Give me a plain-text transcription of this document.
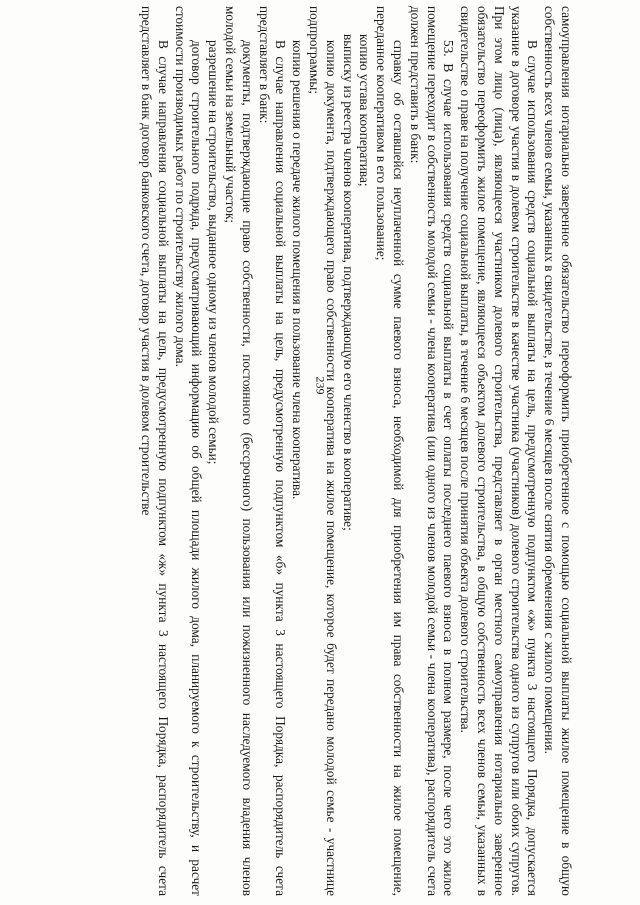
239	самоуправления нотариально заверенное обязательство переоформить приобретенное с помощью социальной выплаты жилое помещение в общую собственность всех членов семьи, указанных в свидетельстве, в течение 6 месяцев после снятия обременения с жилого помещения.

В случае использования средств социальной выплаты на цель, предусмотренную подпунктом «ж» пункта 3 настоящего Порядка, допускается указание в договоре участия в долевом строительстве в качестве участника (участников) долевого строительства одного из супругов или обоих супругов. При этом лицо (лица), являющееся участником долевого строительства, представляет в орган местного самоуправления нотариально заверенное обязательство переоформить жилое помещение, являющееся объектом долевого строительства, в общую собственность всех членов семьи, указанных в свидетельстве о праве на получение социальной выплаты, в течение 6 месяцев после принятия объекта долевого строительства.

53. В случае использования средств социальной выплаты в счет оплаты последнего паевого взноса в полном размере, после чего это жилое помещение переходит в собственность молодой семьи - члена кооператива (или одного из членов молодой семьи - члена кооператива), распорядитель счета должен представить в банк:

справку об оставшейся неуплаченной сумме паевого взноса, необходимой для приобретения им права собственности на жилое помещение, переданное кооперативом в его пользование;

копию устава кооператива;

выписку из реестра членов кооператива, подтверждающую его членство в кооперативе;

копию документа, подтверждающего право собственности кооператива на жилое помещение, которое будет передано молодой семье - участнице подпрограммы;

копию решения о передаче жилого помещения в пользование члена кооператива.

В случае направления социальной выплаты на цель, предусмотренную подпунктом «б» пункта 3 настоящего Порядка, распорядитель счета представляет в банк:

документы, подтверждающие право собственности, постоянного (бессрочного) пользования или пожизненного наследуемого владения членов молодой семьи на земельный участок;

разрешение на строительство, выданное одному из членов молодой семьи;

договор строительного подряда, предусматривающий информацию об общей площади жилого дома, планируемого к строительству, и расчет стоимости производимых работ по строительству жилого дома.

В случае направления социальной выплаты на цель, предусмотренную подпунктом «ж» пункта 3 настоящего Порядка, распорядитель счета представляет в банк договор банковского счета, договор участия в долевом строительстве
